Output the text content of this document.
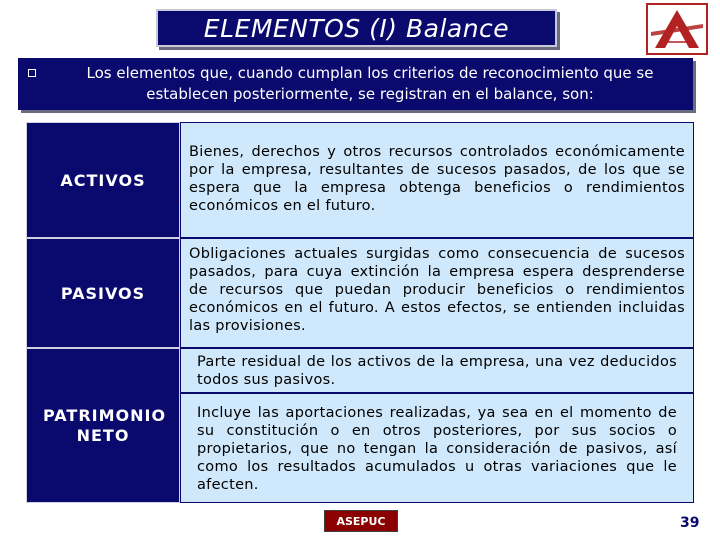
ELEMENTOS (I) Balance
Los elementos que, cuando cumplan los criterios de reconocimiento que se establecen posteriormente, se registran en el balance, son:
ACTIVOS
Bienes, derechos y otros recursos controlados económicamente por la empresa, resultantes de sucesos pasados, de los que se espera que la empresa obtenga beneficios o rendimientos económicos en el futuro.
PASIVOS
Obligaciones actuales surgidas como consecuencia de sucesos pasados, para cuya extinción la empresa espera desprenderse de recursos que puedan producir beneficios o rendimientos económicos en el futuro. A estos efectos, se entienden incluidas las provisiones.
PATRIMONIO NETO
Parte residual de los activos de la empresa, una vez deducidos todos sus pasivos.
Incluye las aportaciones realizadas, ya sea en el momento de su constitución o en otros posteriores, por sus socios o propietarios, que no tengan la consideración de pasivos, así como los resultados acumulados u otras variaciones que le afecten.
ASEPUC	39
